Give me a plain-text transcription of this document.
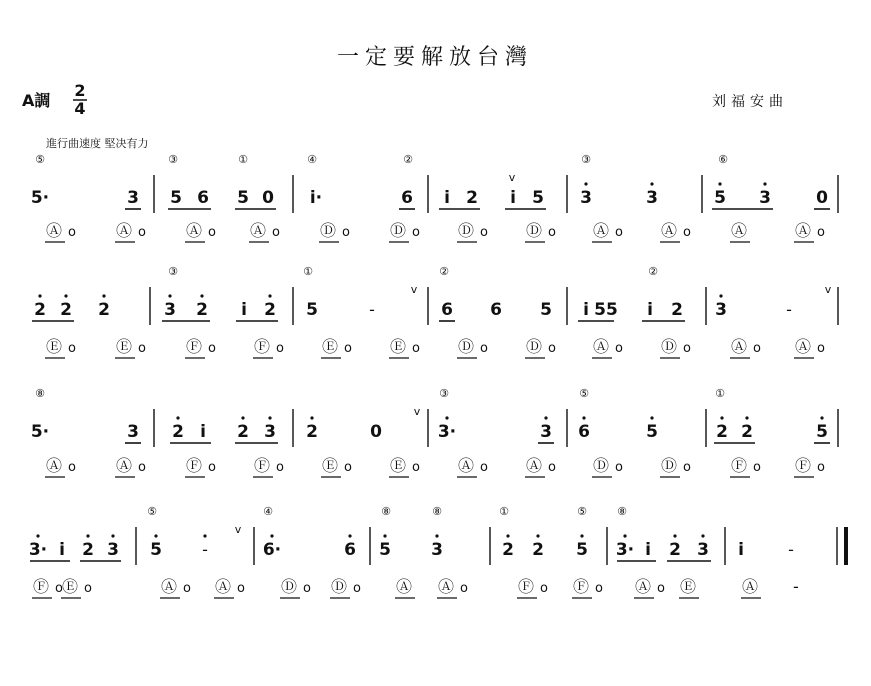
一定要解放台灣
A調
2
4	刘福安曲
進行曲速度 堅决有力
⑤	③	①	④	②	③	⑥
v
5·	3 5 6 5 0 i·	6 i 2 i 5 3	3	5 3	0
Ⓐ o	Ⓐ o	Ⓐ o Ⓐ o	Ⓓ o	Ⓓ o Ⓓ o Ⓓ o Ⓐ o Ⓐ o	Ⓐ	Ⓐ o
③	①	②	②
v	v
2 2 2	3 2 i 2 5	-	6 6 5 i 55 i 2 3	-
Ⓔ o	Ⓔ o	Ⓕ o Ⓕ o Ⓔ o Ⓔ o Ⓓ o Ⓓ o Ⓐ o Ⓓ o	Ⓐ o Ⓐ o
⑧	③	⑤	①
v
5·	3 2 i 2 3 2	0	3·	3 6	5	2 2	5
Ⓐ o	Ⓐ o	Ⓕ o Ⓕ o Ⓔ o Ⓔ o Ⓐ o Ⓐ o Ⓓ o Ⓓ o	Ⓕ o Ⓕ o
⑤	④	⑧	⑧	①	⑤	⑧
v
3· i 2 3 5	-	6·	6 5 3	2 2 5 3· i 2 3 i	-
Ⓕ o Ⓔ o	Ⓐ o Ⓐ o Ⓓ o Ⓓ o Ⓐ Ⓐ o	Ⓕ o Ⓕ o Ⓐ o Ⓔ	Ⓐ -
